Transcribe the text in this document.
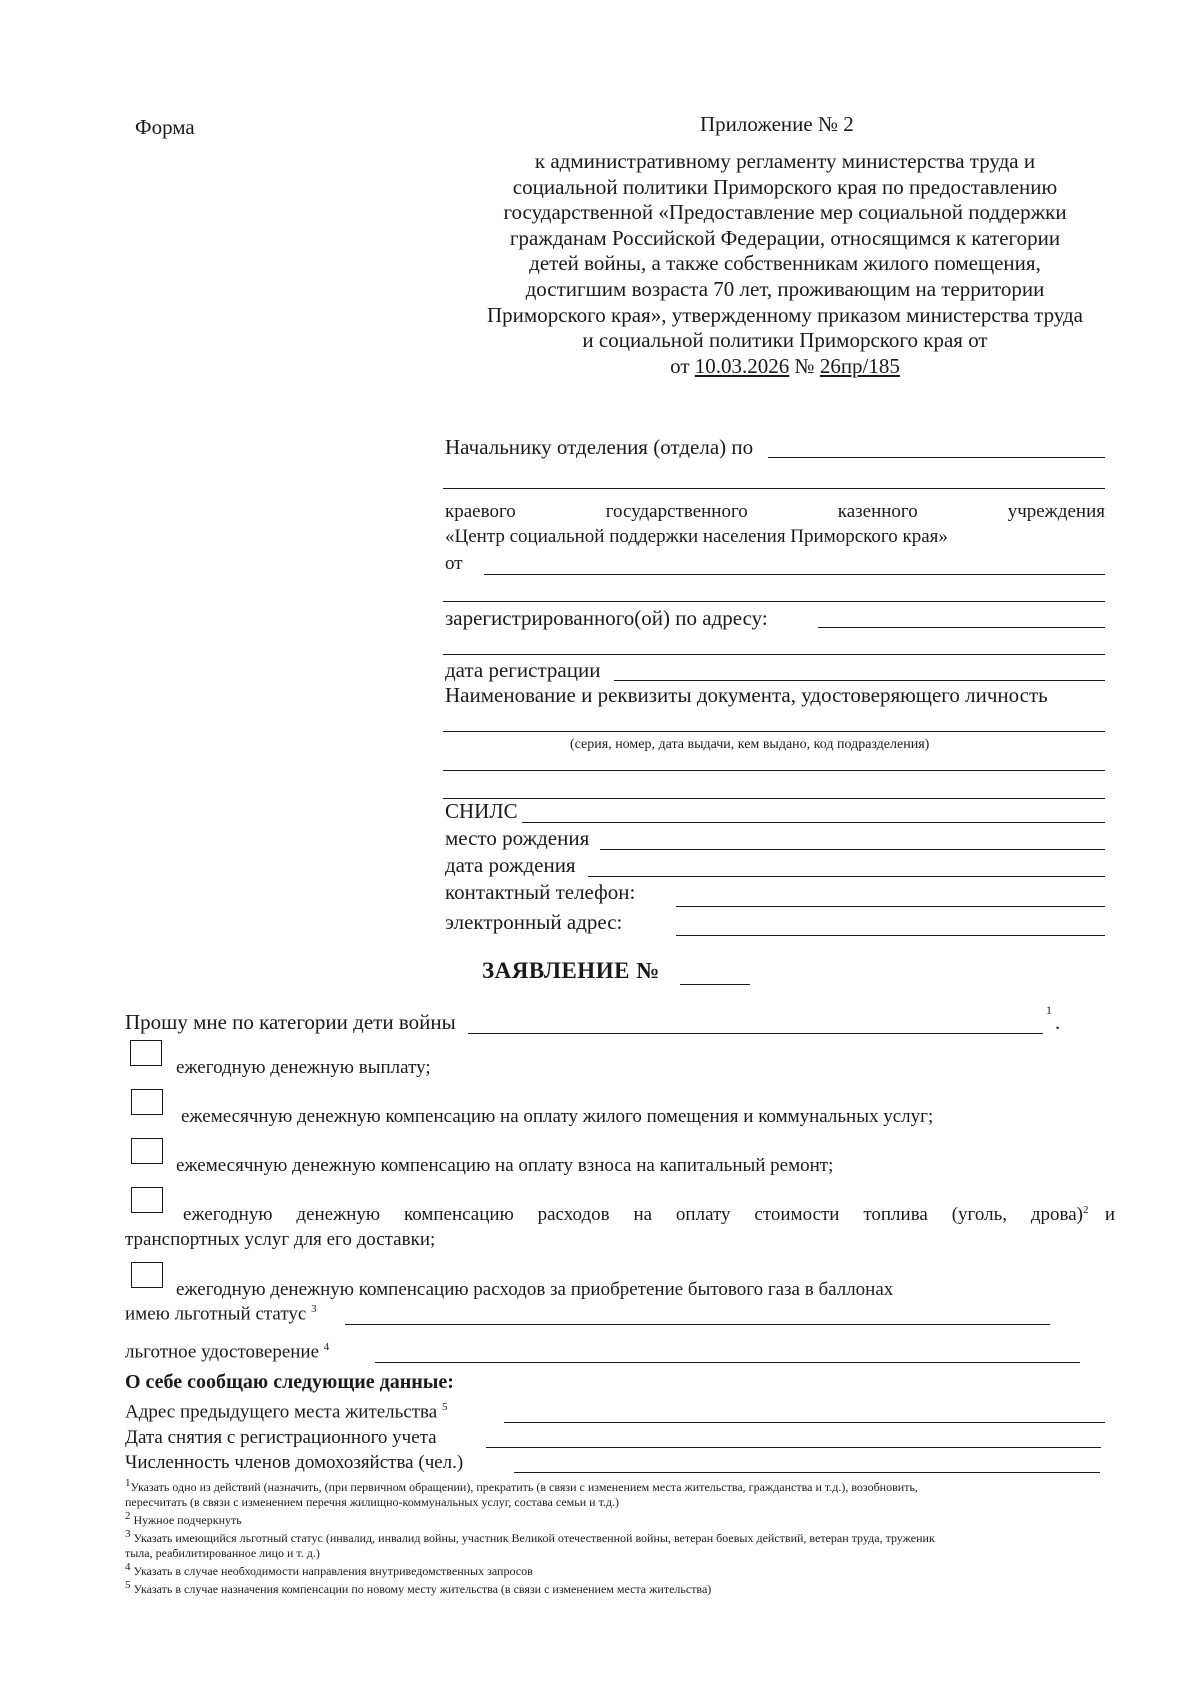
Форма	Приложение № 2
к административному регламенту министерства труда и
социальной политики Приморского края по предоставлению
государственной «Предоставление мер социальной поддержки
гражданам Российской Федерации, относящимся к категории
детей войны, а также собственникам жилого помещения,
достигшим возраста 70 лет, проживающим на территории
Приморского края», утвержденному приказом министерства труда
и социальной политики Приморского края от
от 10.03.2026 № 26пр/185
Начальнику отделения (отдела) по
краевого	государственного	казенного	учреждения
«Центр социальной поддержки населения Приморского края»
от
зарегистрированного(ой) по адресу:
дата регистрации
Наименование и реквизиты документа, удостоверяющего личность
(серия, номер, дата выдачи, кем выдано, код подразделения)
СНИЛС
место рождения
дата рождения
контактный телефон:
электронный адрес:
ЗАЯВЛЕНИЕ №
Прошу мне по категории дети войны	1 .
ежегодную денежную выплату;
ежемесячную денежную компенсацию на оплату жилого помещения и коммунальных услуг;
ежемесячную денежную компенсацию на оплату взноса на капитальный ремонт;
ежегодную денежную компенсацию расходов на оплату стоимости топлива (уголь, дрова)$^2$ и
транспортных услуг для его доставки;
ежегодную денежную компенсацию расходов за приобретение бытового газа в баллонах
имею льготный статус $^3$
льготное удостоверение $^4$
О себе сообщаю следующие данные:
Адрес предыдущего места жительства $^5$
Дата снятия с регистрационного учета
Численность членов домохозяйства (чел.)
$^1$Указать одно из действий (назначить, (при первичном обращении), прекратить (в связи с изменением места жительства, гражданства и т.д.), возобновить,
пересчитать (в связи с изменением перечня жилищно-коммунальных услуг, состава семьи и т.д.)
$^2$ Нужное подчеркнуть
$^3$ Указать имеющийся льготный статус (инвалид, инвалид войны, участник Великой отечественной войны, ветеран боевых действий, ветеран труда, труженик
тыла, реабилитированное лицо и т. д.)
$^4$ Указать в случае необходимости направления внутриведомственных запросов
$^5$ Указать в случае назначения компенсации по новому месту жительства (в связи с изменением места жительства)
